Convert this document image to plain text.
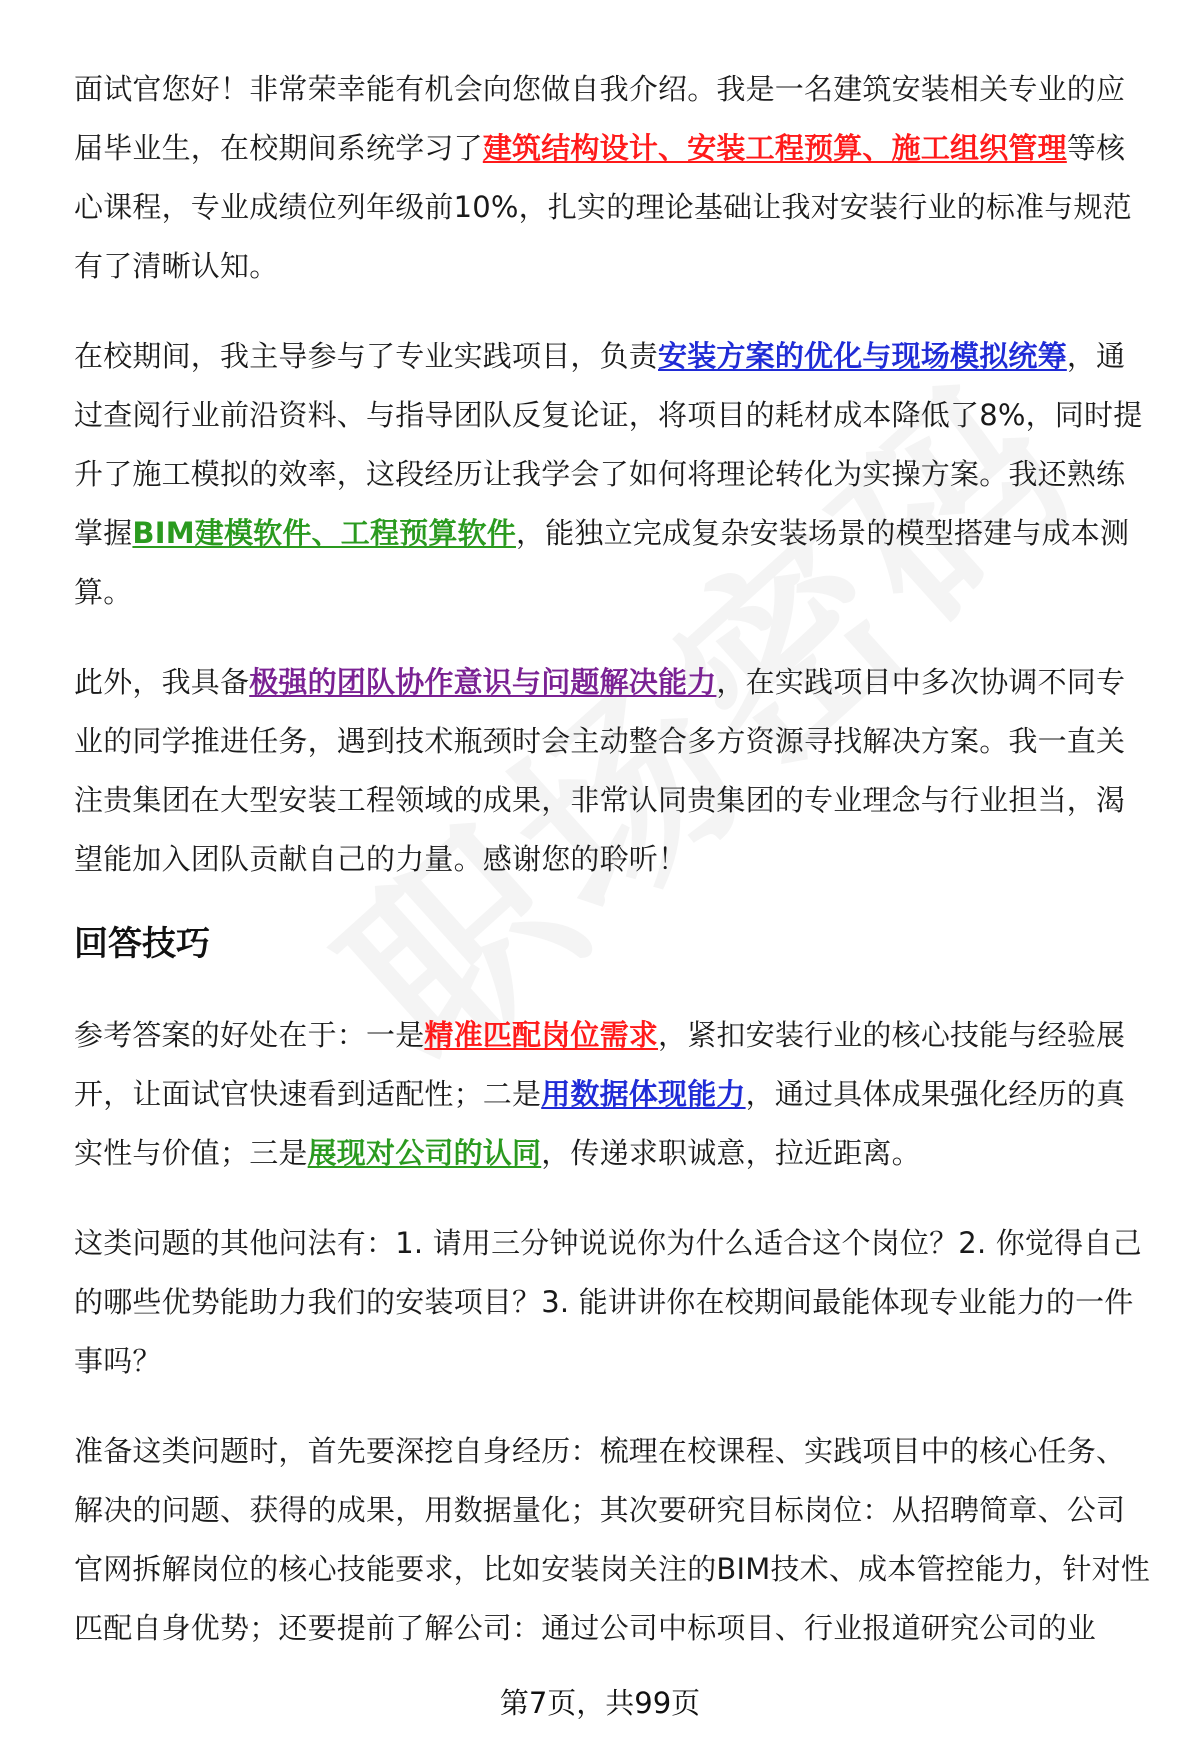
面试官您好！非常荣幸能有机会向您做自我介绍。我是一名建筑安装相关专业的应届毕业生，在校期间系统学习了建筑结构设计、安装工程预算、施工组织管理等核心课程，专业成绩位列年级前10%，扎实的理论基础让我对安装行业的标准与规范有了清晰认知。

在校期间，我主导参与了专业实践项目，负责安装方案的优化与现场模拟统筹，通过查阅行业前沿资料、与指导团队反复论证，将项目的耗材成本降低了8%，同时提升了施工模拟的效率，这段经历让我学会了如何将理论转化为实操方案。我还熟练掌握BIM建模软件、工程预算软件，能独立完成复杂安装场景的模型搭建与成本测算。

此外，我具备极强的团队协作意识与问题解决能力，在实践项目中多次协调不同专业的同学推进任务，遇到技术瓶颈时会主动整合多方资源寻找解决方案。我一直关注贵集团在大型安装工程领域的成果，非常认同贵集团的专业理念与行业担当，渴望能加入团队贡献自己的力量。感谢您的聆听！

回答技巧

参考答案的好处在于：一是精准匹配岗位需求，紧扣安装行业的核心技能与经验展开，让面试官快速看到适配性；二是用数据体现能力，通过具体成果强化经历的真实性与价值；三是展现对公司的认同，传递求职诚意，拉近距离。

这类问题的其他问法有：1. 请用三分钟说说你为什么适合这个岗位？2. 你觉得自己的哪些优势能助力我们的安装项目？3. 能讲讲你在校期间最能体现专业能力的一件事吗？

准备这类问题时，首先要深挖自身经历：梳理在校课程、实践项目中的核心任务、解决的问题、获得的成果，用数据量化；其次要研究目标岗位：从招聘简章、公司官网拆解岗位的核心技能要求，比如安装岗关注的BIM技术、成本管控能力，针对性匹配自身优势；还要提前了解公司：通过公司中标项目、行业报道研究公司的业

第7页，共99页
